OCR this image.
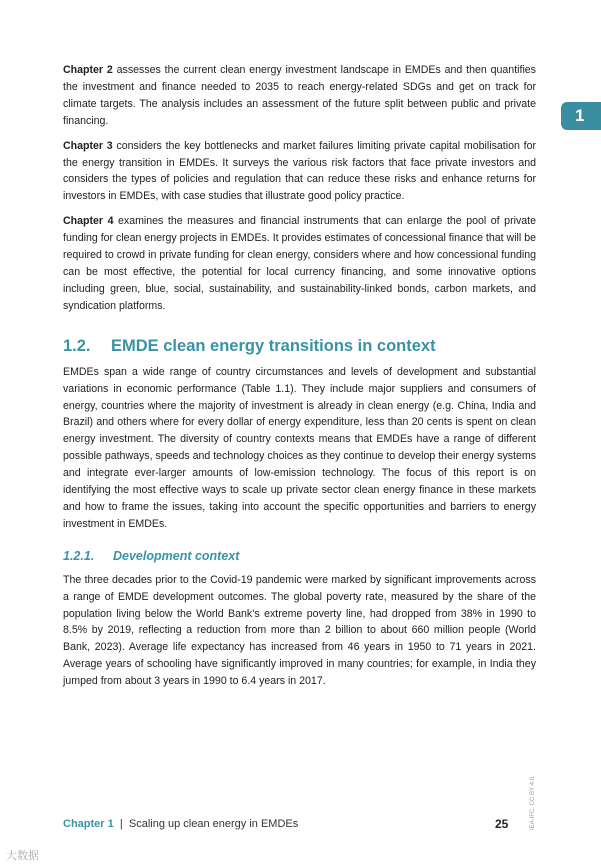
1

Chapter 2 assesses the current clean energy investment landscape in EMDEs and then quantifies the investment and finance needed to 2035 to reach energy-related SDGs and get on track for climate targets. The analysis includes an assessment of the future split between public and private financing.

Chapter 3 considers the key bottlenecks and market failures limiting private capital mobilisation for the energy transition in EMDEs. It surveys the various risk factors that face private investors and considers the types of policies and regulation that can reduce these risks and enhance returns for investors in EMDEs, with case studies that illustrate good policy practice.

Chapter 4 examines the measures and financial instruments that can enlarge the pool of private funding for clean energy projects in EMDEs. It provides estimates of concessional finance that will be required to crowd in private funding for clean energy, considers where and how concessional funding can be most effective, the potential for local currency financing, and some innovative options including green, blue, social, sustainability, and sustainability-linked bonds, carbon markets, and syndication platforms.

1.2. EMDE clean energy transitions in context

EMDEs span a wide range of country circumstances and levels of development and substantial variations in economic performance (Table 1.1). They include major suppliers and consumers of energy, countries where the majority of investment is already in clean energy (e.g. China, India and Brazil) and others where for every dollar of energy expenditure, less than 20 cents is spent on clean energy investment. The diversity of country contexts means that EMDEs have a range of different possible pathways, speeds and technology choices as they continue to develop their energy systems and integrate ever-larger amounts of low-emission technology. The focus of this report is on identifying the most effective ways to scale up private sector clean energy finance in these markets and how to frame the issues, taking into account the specific opportunities and barriers to energy investment in EMDEs.

1.2.1. Development context

The three decades prior to the Covid-19 pandemic were marked by significant improvements across a range of EMDE development outcomes. The global poverty rate, measured by the share of the population living below the World Bank’s extreme poverty line, had dropped from 38% in 1990 to 8.5% by 2019, reflecting a reduction from more than 2 billion to about 660 million people (World Bank, 2023). Average life expectancy has increased from 46 years in 1950 to 71 years in 2021. Average years of schooling have significantly improved in many countries; for example, in India they jumped from about 3 years in 1990 to 6.4 years in 2017.

Chapter 1 | Scaling up clean energy in EMDEs	25	IEA-IFC. CC BY 4.0.
大数据
